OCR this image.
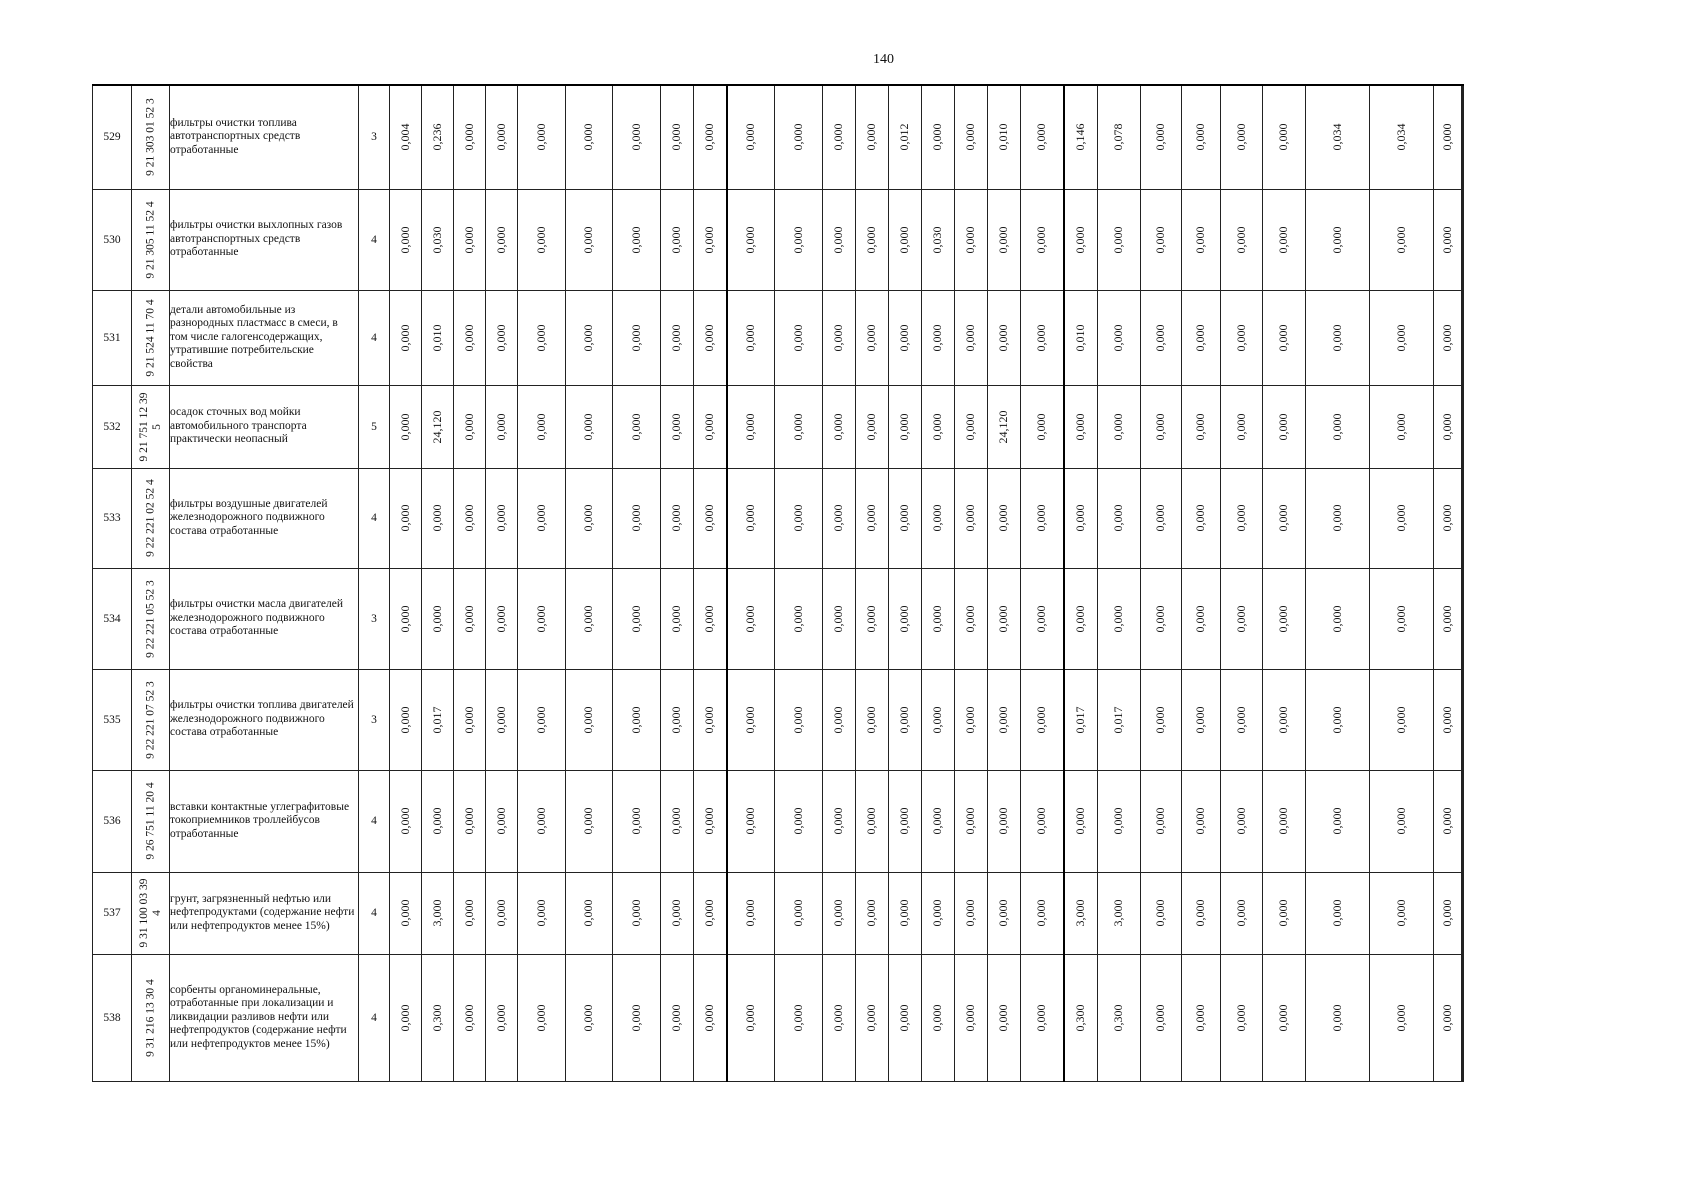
140
529	9 21 303 01 52 3	фильтры очистки топлива автотранспортных средств отработанные	3	0,004	0,236	0,000	0,000	0,000	0,000	0,000	0,000	0,000	0,000	0,000	0,000	0,000	0,012	0,000	0,000	0,010	0,000	0,146	0,078	0,000	0,000	0,000	0,000	0,034	0,034	0,000

530	9 21 305 11 52 4	фильтры очистки выхлопных газов автотранспортных средств отработанные	4	0,000	0,030	0,000	0,000	0,000	0,000	0,000	0,000	0,000	0,000	0,000	0,000	0,000	0,000	0,030	0,000	0,000	0,000	0,000	0,000	0,000	0,000	0,000	0,000	0,000	0,000	0,000

531	9 21 524 11 70 4	детали автомобильные из разнородных пластмасс в смеси, в том числе галогенсодержащих, утратившие потребительские свойства	4	0,000	0,010	0,000	0,000	0,000	0,000	0,000	0,000	0,000	0,000	0,000	0,000	0,000	0,000	0,000	0,000	0,000	0,000	0,010	0,000	0,000	0,000	0,000	0,000	0,000	0,000	0,000

532	9 21 751 12 39 5	осадок сточных вод мойки автомобильного транспорта практически неопасный	5	0,000	24,120	0,000	0,000	0,000	0,000	0,000	0,000	0,000	0,000	0,000	0,000	0,000	0,000	0,000	0,000	24,120	0,000	0,000	0,000	0,000	0,000	0,000	0,000	0,000	0,000	0,000

533	9 22 221 02 52 4	фильтры воздушные двигателей железнодорожного подвижного состава отработанные	4	0,000	0,000	0,000	0,000	0,000	0,000	0,000	0,000	0,000	0,000	0,000	0,000	0,000	0,000	0,000	0,000	0,000	0,000	0,000	0,000	0,000	0,000	0,000	0,000	0,000	0,000	0,000

534	9 22 221 05 52 3	фильтры очистки масла двигателей железнодорожного подвижного состава отработанные	3	0,000	0,000	0,000	0,000	0,000	0,000	0,000	0,000	0,000	0,000	0,000	0,000	0,000	0,000	0,000	0,000	0,000	0,000	0,000	0,000	0,000	0,000	0,000	0,000	0,000	0,000	0,000

535	9 22 221 07 52 3	фильтры очистки топлива двигателей железнодорожного подвижного состава отработанные	3	0,000	0,017	0,000	0,000	0,000	0,000	0,000	0,000	0,000	0,000	0,000	0,000	0,000	0,000	0,000	0,000	0,000	0,000	0,017	0,017	0,000	0,000	0,000	0,000	0,000	0,000	0,000

536	9 26 751 11 20 4	вставки контактные углеграфитовые токоприемников троллейбусов отработанные	4	0,000	0,000	0,000	0,000	0,000	0,000	0,000	0,000	0,000	0,000	0,000	0,000	0,000	0,000	0,000	0,000	0,000	0,000	0,000	0,000	0,000	0,000	0,000	0,000	0,000	0,000	0,000

537	9 31 100 03 39 4	грунт, загрязненный нефтью или нефтепродуктами (содержание нефти или нефтепродуктов менее 15%)	4	0,000	3,000	0,000	0,000	0,000	0,000	0,000	0,000	0,000	0,000	0,000	0,000	0,000	0,000	0,000	0,000	0,000	0,000	3,000	3,000	0,000	0,000	0,000	0,000	0,000	0,000	0,000

538	9 31 216 13 30 4	сорбенты органоминеральные, отработанные при локализации и ликвидации разливов нефти или нефтепродуктов (содержание нефти или нефтепродуктов менее 15%)	4	0,000	0,300	0,000	0,000	0,000	0,000	0,000	0,000	0,000	0,000	0,000	0,000	0,000	0,000	0,000	0,000	0,000	0,000	0,300	0,300	0,000	0,000	0,000	0,000	0,000	0,000	0,000
